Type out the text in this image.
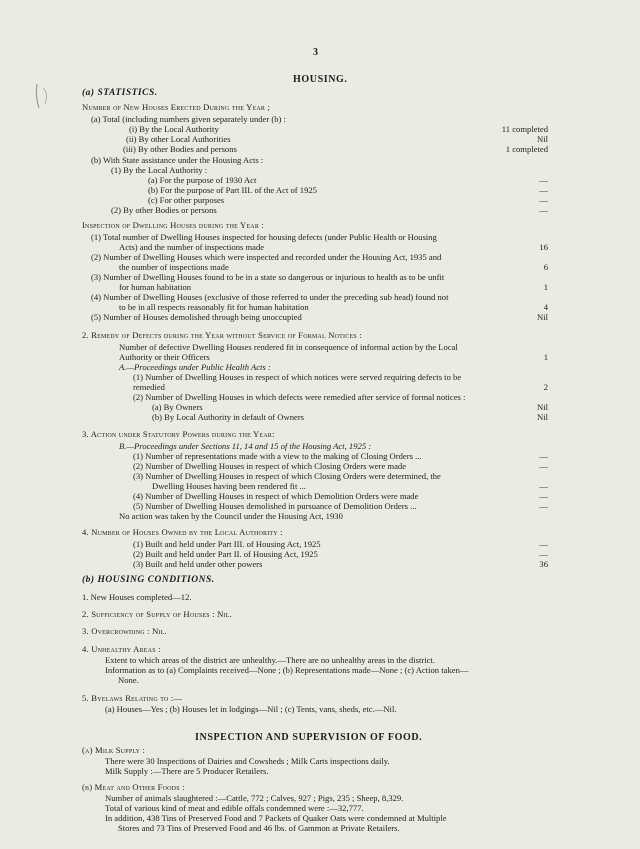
3
HOUSING.
(a) STATISTICS.
Number of New Houses Erected During the Year ;
(a) Total (including numbers given separately under (b) :
(i) By the Local Authority	11 completed
(ii) By other Local Authorities	Nil
(iii) By other Bodies and persons	1 completed
(b) With State assistance under the Housing Acts :
(1) By the Local Authority :
(a) For the purpose of 1930 Act	—
(b) For the purpose of Part III. of the Act of 1925	—
(c) For other purposes	—
(2) By other Bodies or persons	—
Inspection of Dwelling Houses during the Year :
(1) Total number of Dwelling Houses inspected for housing defects (under Public Health or Housing
Acts) and the number of inspections made	16
(2) Number of Dwelling Houses which were inspected and recorded under the Housing Act, 1935 and
the number of inspections made	6
(3) Number of Dwelling Houses found to be in a state so dangerous or injurious to health as to be unfit
for human habitation	1
(4) Number of Dwelling Houses (exclusive of those referred to under the preceding sub head) found not
to be in all respects reasonably fit for human habitation	4
(5) Number of Houses demolished through being unoccupied	Nil
2. Remedy of Defects during the Year without Service of Formal Notices :
Number of defective Dwelling Houses rendered fit in consequence of informal action by the Local
Authority or their Officers	1
A.—Proceedings under Public Health Acts :
(1) Number of Dwelling Houses in respect of which notices were served requiring defects to be
remedied	2
(2) Number of Dwelling Houses in which defects were remedied after service of formal notices :
(a) By Owners	Nil
(b) By Local Authority in default of Owners	Nil
3. Action under Statutory Powers during the Year:
B.—Proceedings under Sections 11, 14 and 15 of the Housing Act, 1925 :
(1) Number of representations made with a view to the making of Closing Orders ...	—
(2) Number of Dwelling Houses in respect of which Closing Orders were made	—
(3) Number of Dwelling Houses in respect of which Closing Orders were determined, the
Dwelling Houses having been rendered fit ...	—
(4) Number of Dwelling Houses in respect of which Demolition Orders were made	—
(5) Number of Dwelling Houses demolished in pursuance of Demolition Orders ...	—
No action was taken by the Council under the Housing Act, 1930
4. Number of Houses Owned by the Local Authority :
(1) Built and held under Part III. of Housing Act, 1925	—
(2) Built and held under Part II. of Housing Act, 1925	—
(3) Built and held under other powers	36
(b) HOUSING CONDITIONS.
1. New Houses completed—12.
2. Sufficiency of Supply of Houses : Nil.
3. Overcrowding : Nil.
4. Unhealthy Areas :
Extent to which areas of the district are unhealthy.—There are no unhealthy areas in the district.
Information as to (a) Complaints received—None ; (b) Representations made—None ; (c) Action taken—
None.
5. Byelaws Relating to :—
(a) Houses—Yes ; (b) Houses let in lodgings—Nil ; (c) Tents, vans, sheds, etc.—Nil.
INSPECTION AND SUPERVISION OF FOOD.
(a) Milk Supply :
There were 30 Inspections of Dairies and Cowsheds ; Milk Carts inspections daily.
Milk Supply :—There are 5 Producer Retailers.
(b) Meat and Other Foods :
Number of animals slaughtered :—Cattle, 772 ; Calves, 927 ; Pigs, 235 ; Sheep, 8,329.
Total of various kind of meat and edible offals condemned were :—32,777.
In addition, 438 Tins of Preserved Food and 7 Packets of Quaker Oats were condemned at Multiple
Stores and 73 Tins of Preserved Food and 46 lbs. of Gammon at Private Retailers.
